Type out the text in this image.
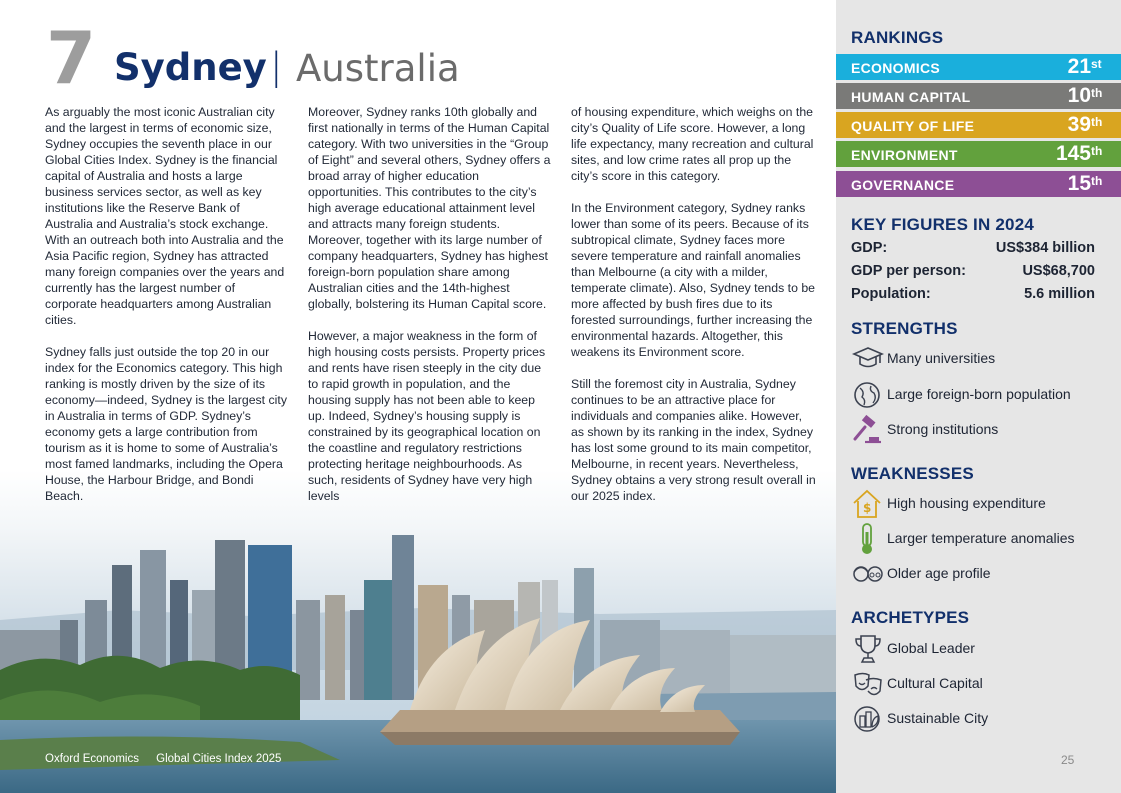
7 Sydney | Australia

As arguably the most iconic Australian city and the largest in terms of economic size, Sydney occupies the seventh place in our Global Cities Index. Sydney is the financial capital of Australia and hosts a large business services sector, as well as key institutions like the Reserve Bank of Australia and Australia’s stock exchange. With an outreach both into Australia and the Asia Pacific region, Sydney has attracted many foreign companies over the years and currently has the largest number of corporate headquarters among Australian cities.

Sydney falls just outside the top 20 in our index for the Economics category. This high ranking is mostly driven by the size of its economy—indeed, Sydney is the largest city in Australia in terms of GDP. Sydney’s economy gets a large contribution from tourism as it is home to some of Australia’s most famed landmarks, including the Opera House, the Harbour Bridge, and Bondi Beach.

Moreover, Sydney ranks 10th globally and first nationally in terms of the Human Capital category. With two universities in the “Group of Eight” and several others, Sydney offers a broad array of higher education opportunities. This contributes to the city’s high average educational attainment level and attracts many foreign students. Moreover, together with its large number of company headquarters, Sydney has highest foreign-born population share among Australian cities and the 14th-highest globally, bolstering its Human Capital score.

However, a major weakness in the form of high housing costs persists. Property prices and rents have risen steeply in the city due to rapid growth in population, and the housing supply has not been able to keep up. Indeed, Sydney’s housing supply is constrained by its geographical location on the coastline and regulatory restrictions protecting heritage neighbourhoods. As such, residents of Sydney have very high levels

of housing expenditure, which weighs on the city’s Quality of Life score. However, a long life expectancy, many recreation and cultural sites, and low crime rates all prop up the city’s score in this category.

In the Environment category, Sydney ranks lower than some of its peers. Because of its subtropical climate, Sydney faces more severe temperature and rainfall anomalies than Melbourne (a city with a milder, temperate climate). Also, Sydney tends to be more affected by bush fires due to its forested surroundings, further increasing the environmental hazards. Altogether, this weakens its Environment score.

Still the foremost city in Australia, Sydney continues to be an attractive place for individuals and companies alike. However, as shown by its ranking in the index, Sydney has lost some ground to its main competitor, Melbourne, in recent years. Nevertheless, Sydney obtains a very strong result overall in our 2025 index.

Oxford Economics Global Cities Index 2025
RANKINGS
ECONOMICS	21 st
HUMAN CAPITAL	10 th
QUALITY OF LIFE	39 th
ENVIRONMENT	145 th
GOVERNANCE	15 th
KEY FIGURES IN 2024
GDP:	US$384 billion
GDP per person:	US$68,700
Population:	5.6 million
STRENGTHS
Many universities
Large foreign-born population
Strong institutions
WEAKNESSES
$ High housing expenditure
Larger temperature anomalies
Older age profile
ARCHETYPES
Global Leader
Cultural Capital
Sustainable City
25
